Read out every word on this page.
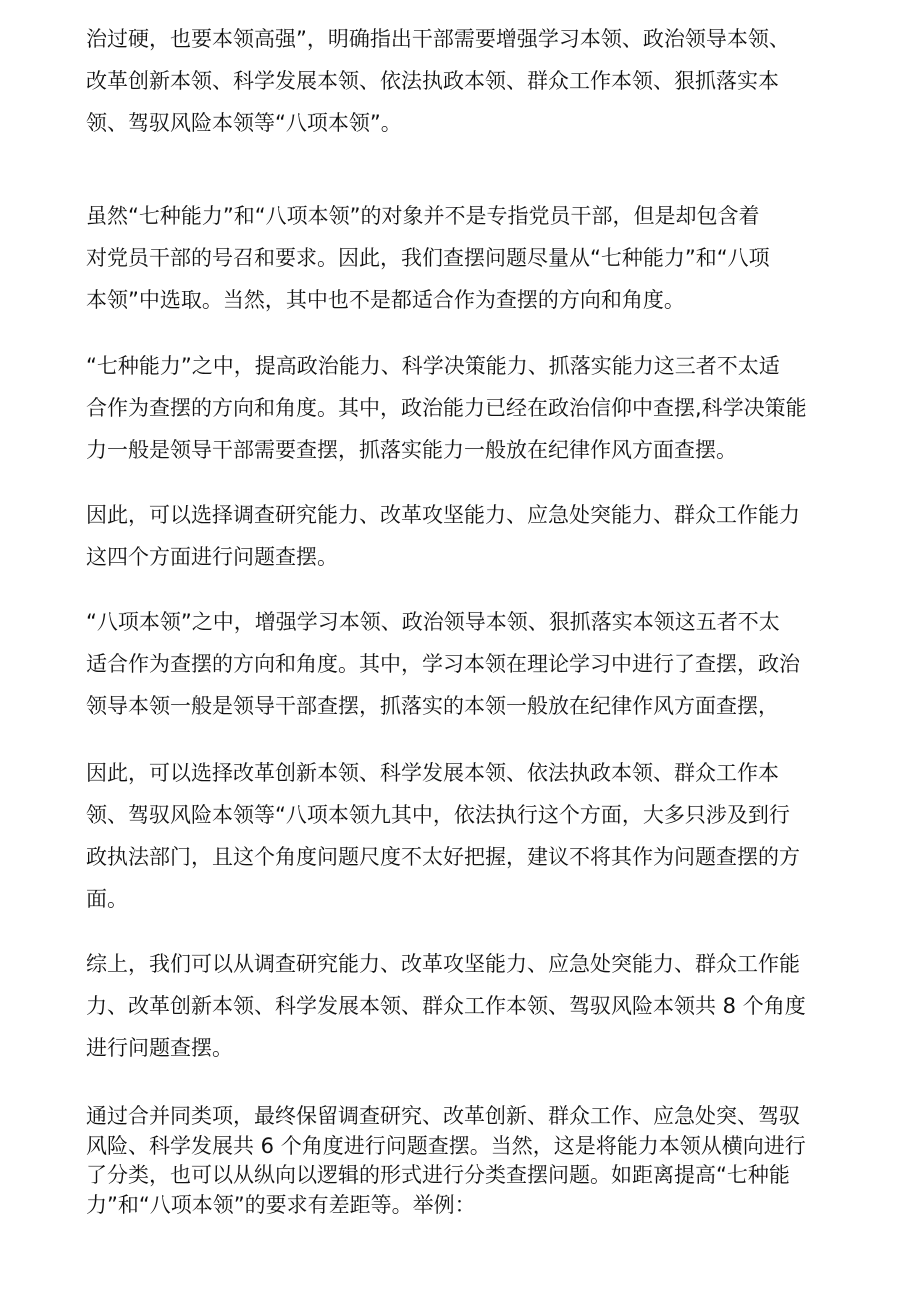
治过硬，也要本领高强”，明确指出干部需要增强学习本领、政治领导本领、
改革创新本领、科学发展本领、依法执政本领、群众工作本领、狠抓落实本
领、驾驭风险本领等“八项本领”。

虽然“七种能力”和“八项本领”的对象并不是专指党员干部，但是却包含着
对党员干部的号召和要求。因此，我们查摆问题尽量从“七种能力”和“八项
本领”中选取。当然，其中也不是都适合作为查摆的方向和角度。

“七种能力”之中，提高政治能力、科学决策能力、抓落实能力这三者不太适
合作为查摆的方向和角度。其中，政治能力已经在政治信仰中查摆,科学决策能
力一般是领导干部需要查摆，抓落实能力一般放在纪律作风方面查摆。

因此，可以选择调查研究能力、改革攻坚能力、应急处突能力、群众工作能力
这四个方面进行问题查摆。

“八项本领”之中，增强学习本领、政治领导本领、狠抓落实本领这五者不太
适合作为查摆的方向和角度。其中，学习本领在理论学习中进行了查摆，政治
领导本领一般是领导干部查摆，抓落实的本领一般放在纪律作风方面查摆，

因此，可以选择改革创新本领、科学发展本领、依法执政本领、群众工作本
领、驾驭风险本领等“八项本领九其中，依法执行这个方面，大多只涉及到行
政执法部门，且这个角度问题尺度不太好把握，建议不将其作为问题查摆的方
面。

综上，我们可以从调查研究能力、改革攻坚能力、应急处突能力、群众工作能
力、改革创新本领、科学发展本领、群众工作本领、驾驭风险本领共 8 个角度
进行问题查摆。

通过合并同类项，最终保留调查研究、改革创新、群众工作、应急处突、驾驭
风险、科学发展共 6 个角度进行问题查摆。当然，这是将能力本领从横向进行
了分类，也可以从纵向以逻辑的形式进行分类查摆问题。如距离提高“七种能
力”和“八项本领”的要求有差距等。举例：
